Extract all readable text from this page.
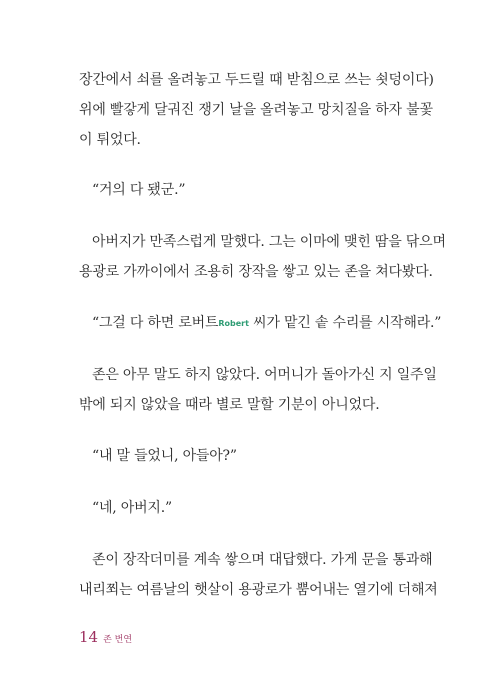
장간에서 쇠를 올려놓고 두드릴 때 받침으로 쓰는 쇳덩이다)
위에 빨갛게 달궈진 쟁기 날을 올려놓고 망치질을 하자 불꽃
이 튀었다.
“거의 다 됐군.”
아버지가 만족스럽게 말했다. 그는 이마에 맺힌 땀을 닦으며
용광로 가까이에서 조용히 장작을 쌓고 있는 존을 쳐다봤다.
“그걸 다 하면 로버트Robert 씨가 맡긴 솥 수리를 시작해라.”
존은 아무 말도 하지 않았다. 어머니가 돌아가신 지 일주일
밖에 되지 않았을 때라 별로 말할 기분이 아니었다.
“내 말 들었니, 아들아?”
“네, 아버지.”
존이 장작더미를 계속 쌓으며 대답했다. 가게 문을 통과해
내리쬐는 여름날의 햇살이 용광로가 뿜어내는 열기에 더해져
14 존 번연
